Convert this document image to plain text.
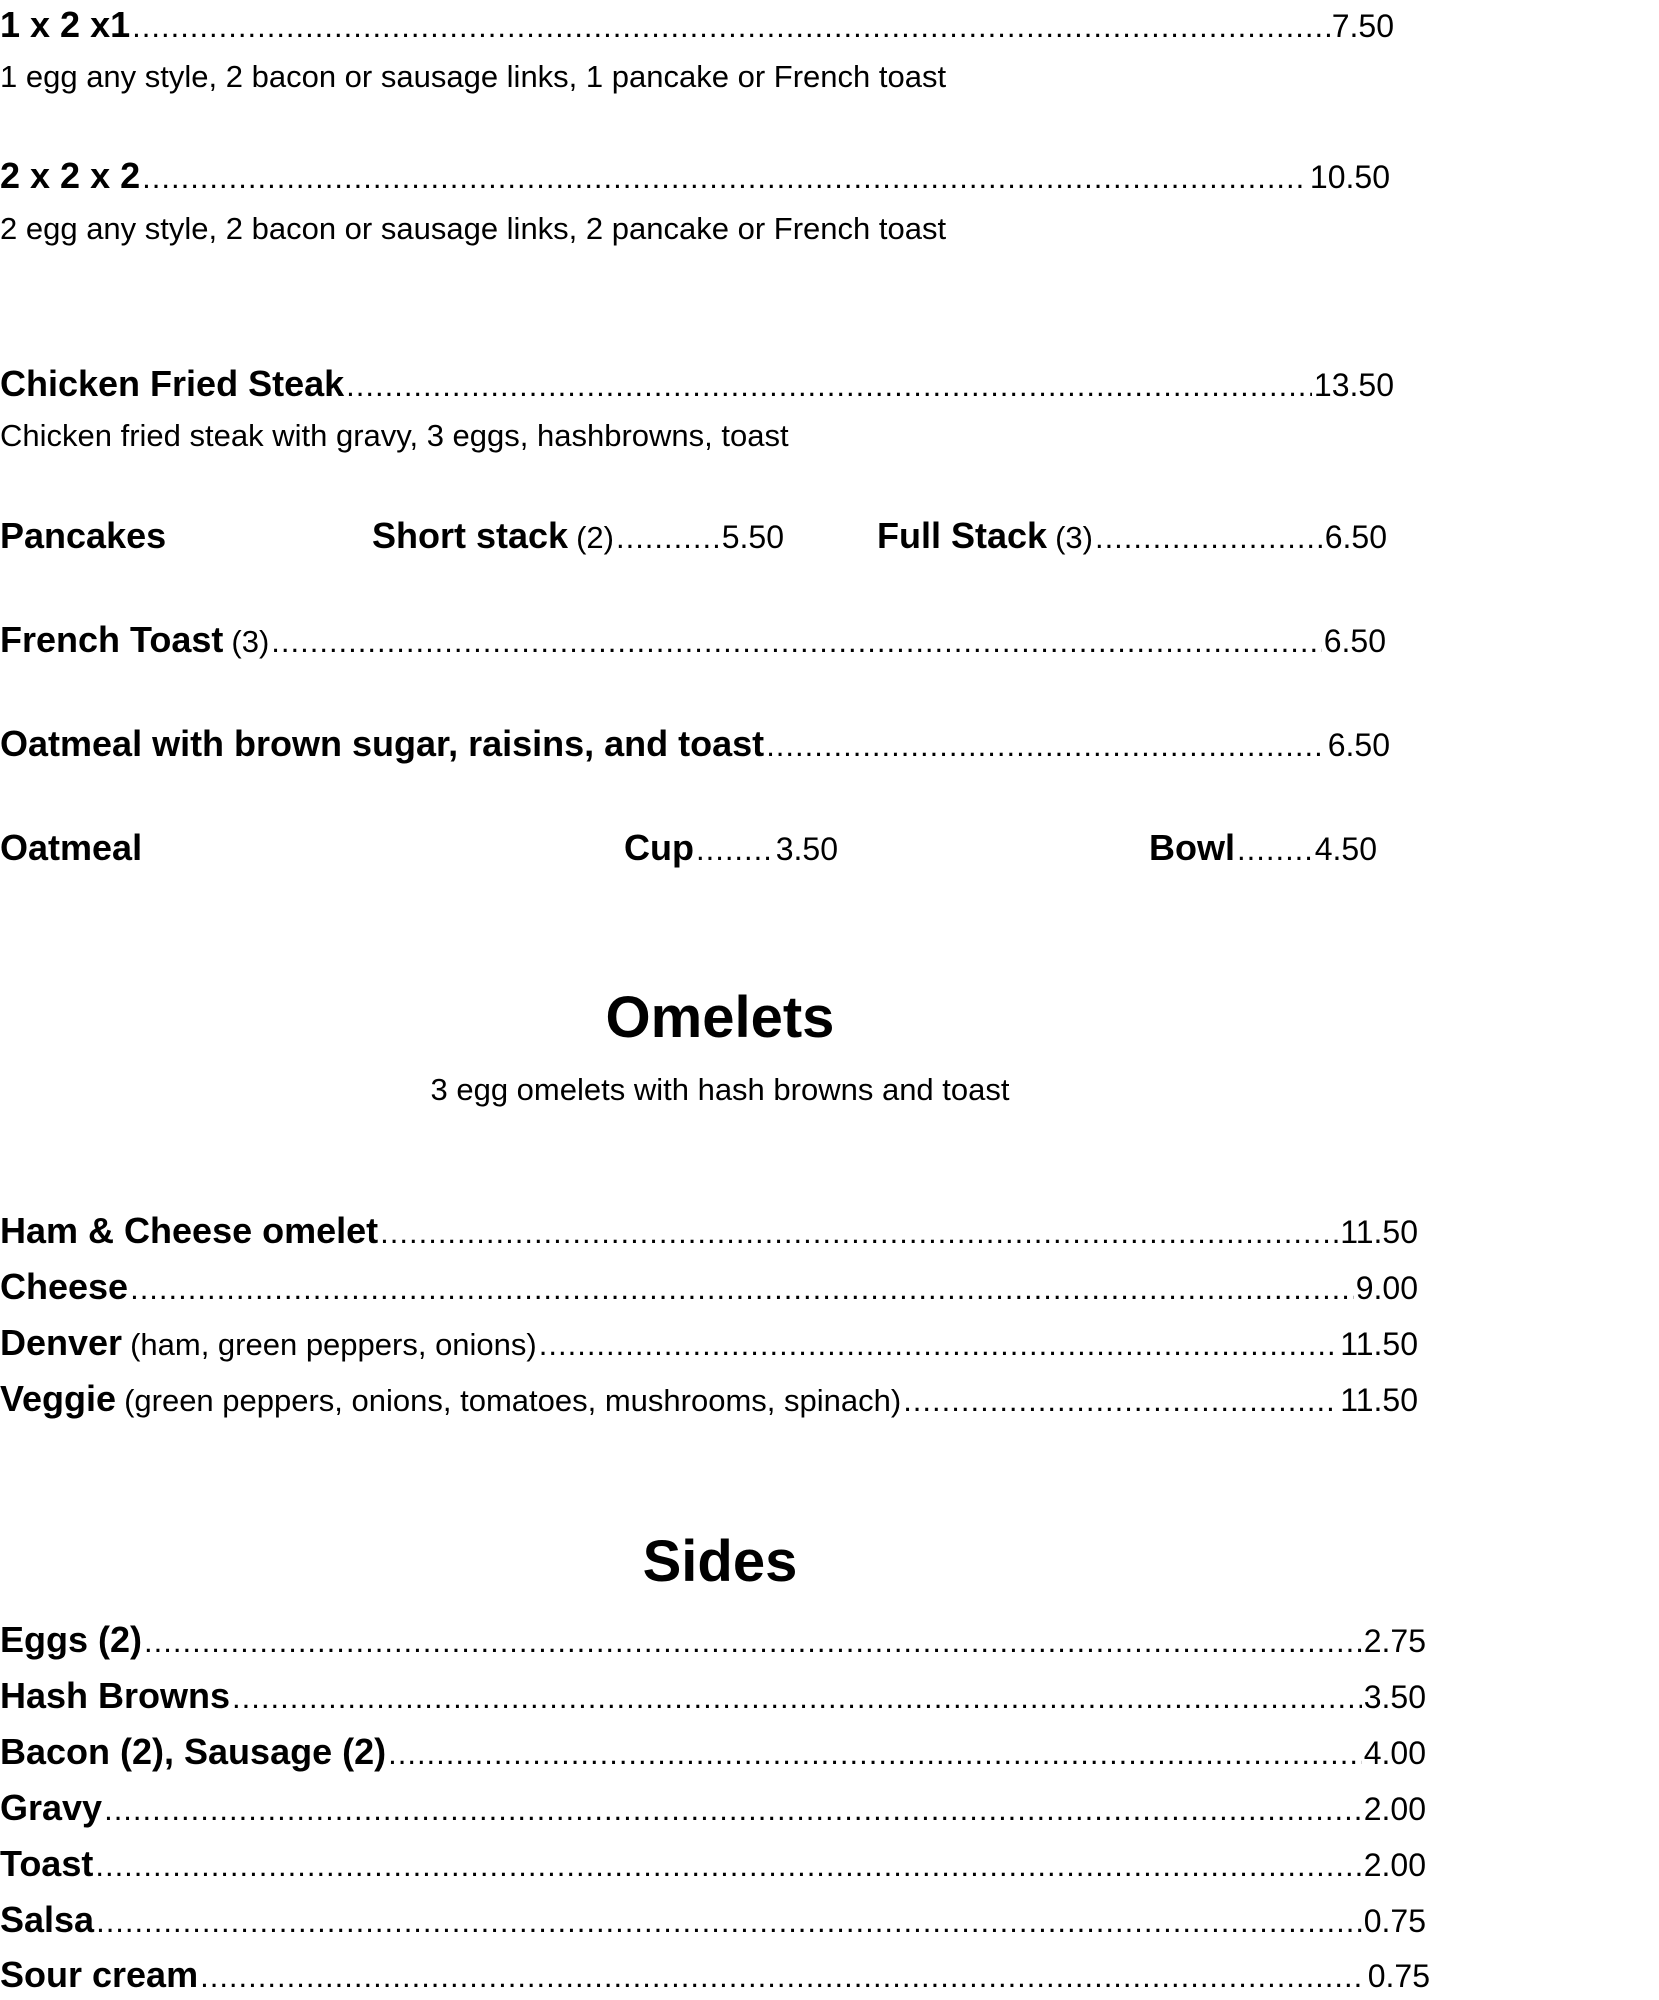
1 x 2 x1 .....	7.50
1 egg any style, 2 bacon or sausage links, 1 pancake or French toast
2 x 2 x 2 .....	10.50
2 egg any style, 2 bacon or sausage links, 2 pancake or French toast
Chicken Fried Steak .....	13.50
Chicken fried steak with gravy, 3 eggs, hashbrowns, toast
Pancakes	Short stack (2) .....	5.50	Full Stack (3) .....	6.50
French Toast (3) .....	6.50
Oatmeal with brown sugar, raisins, and toast .....	6.50
Oatmeal	Cup .....	3.50	Bowl ..... 4.50
Omelets
3 egg omelets with hash browns and toast
Ham & Cheese omelet .....	11.50
Cheese .....	9.00
Denver (ham, green peppers, onions) .....	11.50
Veggie (green peppers, onions, tomatoes, mushrooms, spinach) .....	11.50
Sides
Eggs (2) .....	2.75
Hash Browns .....	3.50
Bacon (2), Sausage (2) .....	4.00
Gravy .....	2.00
Toast .....	2.00
Salsa .....	0.75
Sour cream .....	0.75
